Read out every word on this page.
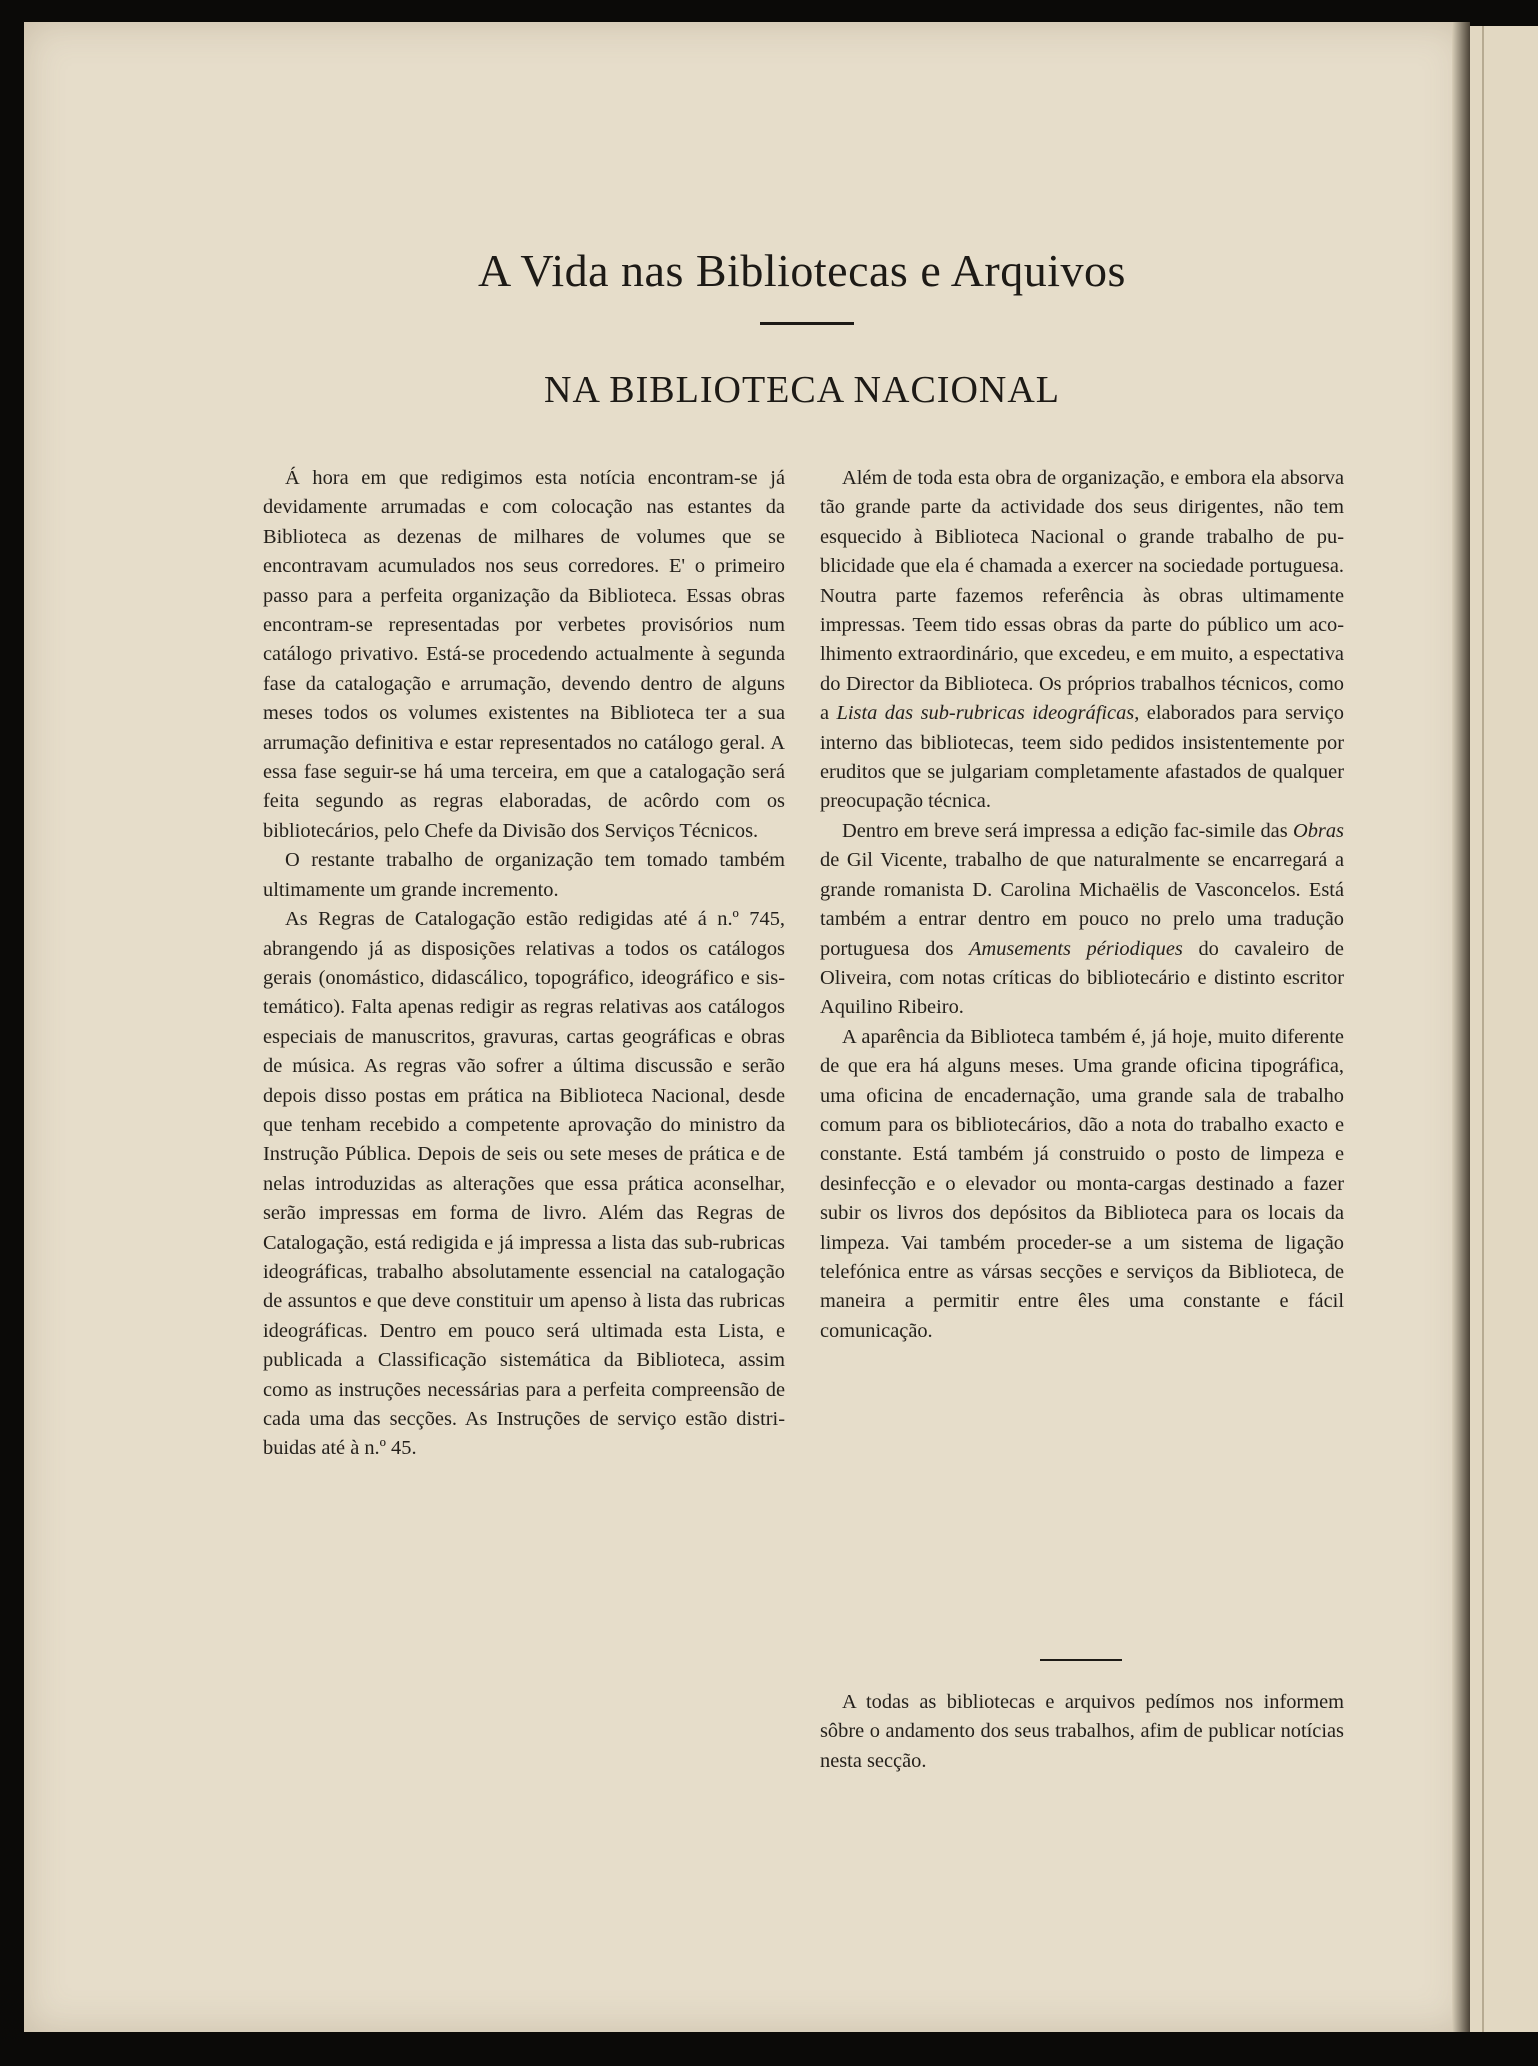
A Vida nas Bibliotecas e Arquivos
NA BIBLIOTECA NACIONAL

Á hora em que redigimos esta notícia encontram-se já devidamente arrumadas e com colocação nas estantes da Biblioteca as dezenas de milhares de volumes que se encontravam acumulados nos seus corredores. E' o primeiro passo para a perfeita organização da Biblioteca. Essas obras encontram-se representadas por verbetes provisórios num catálogo privativo. Está-se procedendo actualmente à segunda fase da catalogação e arrumação, devendo dentro de alguns meses todos os volumes existentes na Biblioteca ter a sua arrumação definitiva e estar representados no catálogo geral. A essa fase seguir-se há uma terceira, em que a catalogação será feita segundo as regras elaboradas, de acôrdo com os bibliotecários, pelo Chefe da Divisão dos Serviços Técnicos.

O restante trabalho de organização tem tomado também ultimamente um grande incremento.

As Regras de Catalogação estão redigidas até á n.º 745, abrangendo já as disposições relativas a todos os catálogos gerais (onomástico, didascálico, topográfico, ideográfico e sistemático). Falta apenas redigir as regras relativas aos catálogos especiais de manuscritos, gravuras, cartas geográficas e obras de música. As regras vão sofrer a última discussão e serão depois disso postas em prática na Biblioteca Nacional, desde que tenham recebido a competente aprovação do ministro da Instrução Pública. Depois de seis ou sete meses de prática e de nelas introduzidas as alterações que essa prática aconselhar, serão impressas em forma de livro. Além das Regras de Catalogação, está redigida e já impressa a lista das sub-rubricas ideográficas, trabalho absolutamente essencial na catalogação de assuntos e que deve constituir um apenso à lista das rubricas ideográficas. Dentro em pouco será ultimada esta Lista, e publicada a Classificação sistemática da Biblioteca, assim como as instruções necessárias para a perfeita compreensão de cada uma das secções. As Instruções de serviço estão distribuidas até à n.º 45.

Além de toda esta obra de organização, e embora ela absorva tão grande parte da actividade dos seus dirigentes, não tem esquecido à Biblioteca Nacional o grande trabalho de publicidade que ela é chamada a exercer na sociedade portuguesa. Noutra parte fazemos referência às obras ultimamente impressas. Teem tido essas obras da parte do público um acolhimento extraordinário, que excedeu, e em muito, a espectativa do Director da Biblioteca. Os próprios trabalhos técnicos, como a Lista das sub-rubricas ideográficas, elaborados para serviço interno das bibliotecas, teem sido pedidos insistentemente por eruditos que se julgariam completamente afastados de qualquer preocupação técnica.

Dentro em breve será impressa a edição fac-simile das Obras de Gil Vicente, trabalho de que naturalmente se encarregará a grande romanista D. Carolina Michaëlis de Vasconcelos. Está também a entrar dentro em pouco no prelo uma tradução portuguesa dos Amusements périodiques do cavaleiro de Oliveira, com notas críticas do bibliotecário e distinto escritor Aquilino Ribeiro.

A aparência da Biblioteca também é, já hoje, muito diferente de que era há alguns meses. Uma grande oficina tipográfica, uma oficina de encadernação, uma grande sala de trabalho comum para os bibliotecários, dão a nota do trabalho exacto e constante. Está também já construido o posto de limpeza e desinfecção e o elevador ou monta-cargas destinado a fazer subir os livros dos depósitos da Biblioteca para os locais da limpeza. Vai também proceder-se a um sistema de ligação telefónica entre as vársas secções e serviços da Biblioteca, de maneira a permitir entre êles uma constante e fácil comunicação.

A todas as bibliotecas e arquivos pedímos nos informem sôbre o andamento dos seus trabalhos, afim de publicar notícias nesta secção.
